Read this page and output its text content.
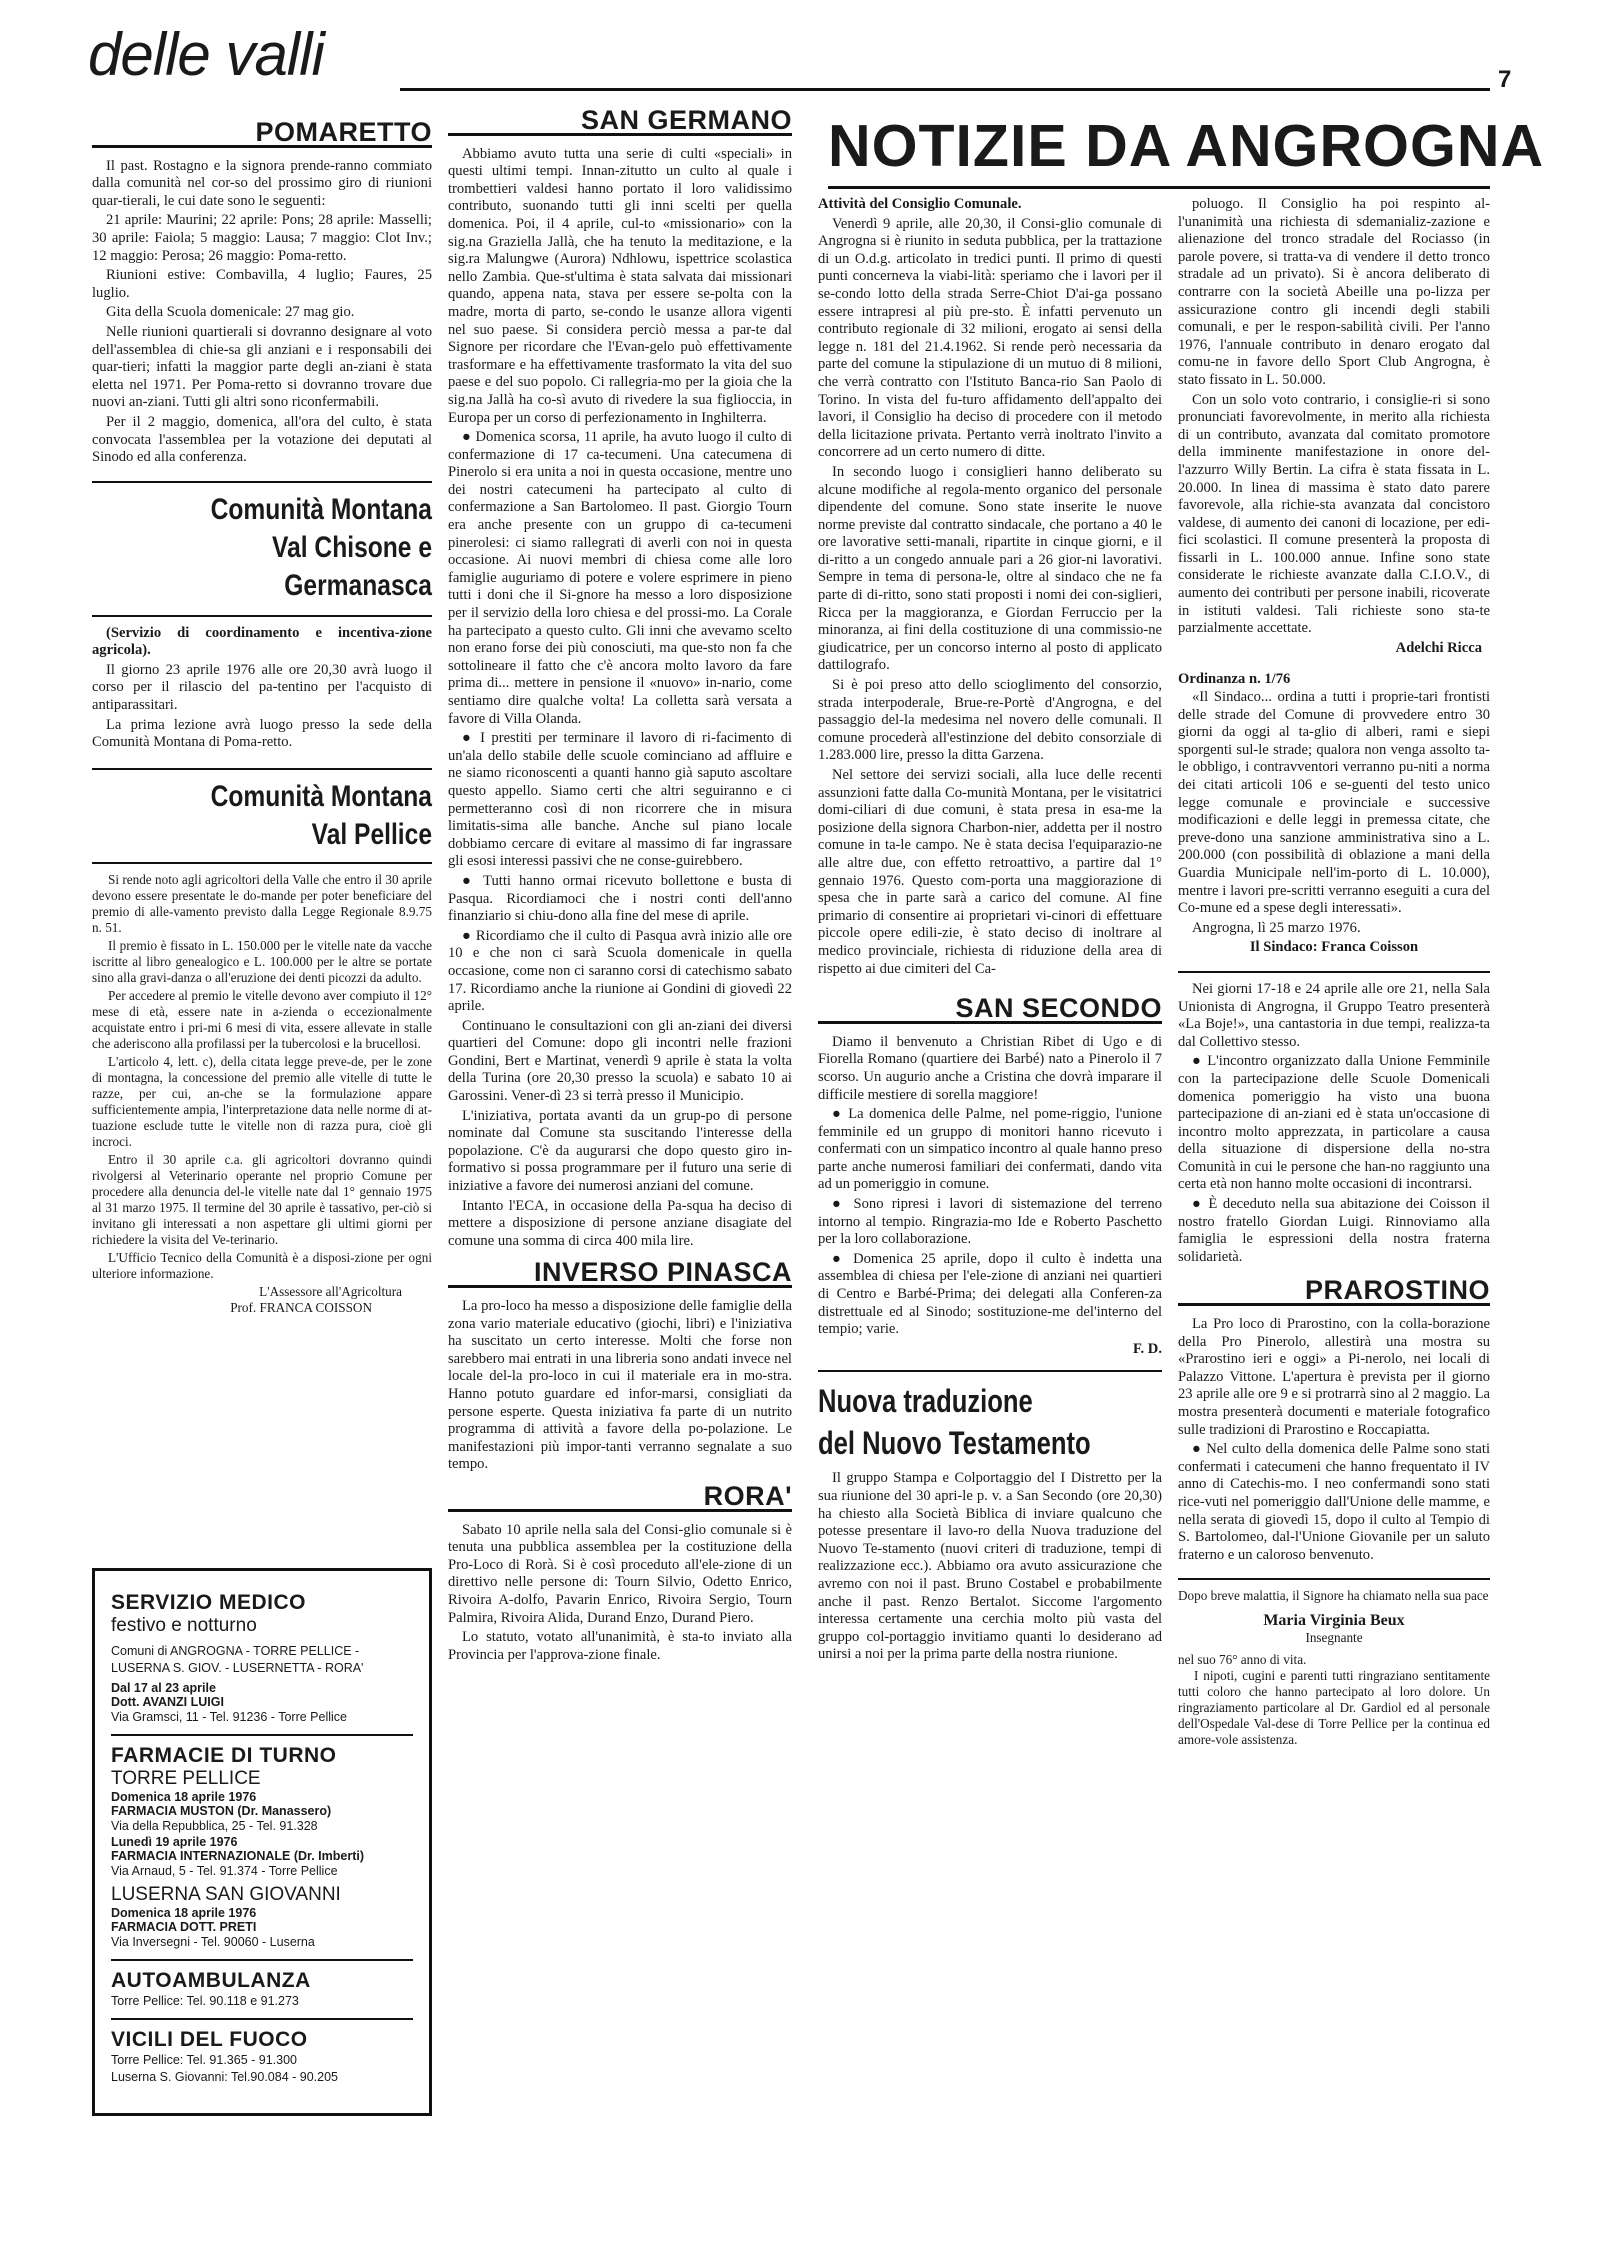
delle valli	7
POMARETTO

Il past. Rostagno e la signora prende-ranno commiato dalla comunità nel cor-so del prossimo giro di riunioni quar-tierali, le cui date sono le seguenti:

21 aprile: Maurini; 22 aprile: Pons; 28 aprile: Masselli; 30 aprile: Faiola; 5 maggio: Lausa; 7 maggio: Clot Inv.; 12 maggio: Perosa; 26 maggio: Poma-retto.

Riunioni estive: Combavilla, 4 luglio; Faures, 25 luglio.

Gita della Scuola domenicale: 27 mag gio.

Nelle riunioni quartierali si dovranno designare al voto dell'assemblea di chie-sa gli anziani e i responsabili dei quar-tieri; infatti la maggior parte degli an-ziani è stata eletta nel 1971. Per Poma-retto si dovranno trovare due nuovi an-ziani. Tutti gli altri sono riconfermabili.

Per il 2 maggio, domenica, all'ora del culto, è stata convocata l'assemblea per la votazione dei deputati al Sinodo ed alla conferenza.

Comunità Montana
Val Chisone e Germanasca

(Servizio di coordinamento e incentiva-zione agricola).

Il giorno 23 aprile 1976 alle ore 20,30 avrà luogo il corso per il rilascio del pa-tentino per l'acquisto di antiparassitari.

La prima lezione avrà luogo presso la sede della Comunità Montana di Poma-retto.

Comunità Montana
Val Pellice

Si rende noto agli agricoltori della Valle che entro il 30 aprile devono essere presentate le do-mande per poter beneficiare del premio di alle-vamento previsto dalla Legge Regionale 8.9.75 n. 51.

Il premio è fissato in L. 150.000 per le vitelle nate da vacche iscritte al libro genealogico e L. 100.000 per le altre se portate sino alla gravi-danza o all'eruzione dei denti picozzi da adulto.

Per accedere al premio le vitelle devono aver compiuto il 12° mese di età, essere nate in a-zienda o eccezionalmente acquistate entro i pri-mi 6 mesi di vita, essere allevate in stalle che aderiscono alla profilassi per la tubercolosi e la brucellosi.

L'articolo 4, lett. c), della citata legge preve-de, per le zone di montagna, la concessione del premio alle vitelle di tutte le razze, per cui, an-che se la formulazione appare sufficientemente ampia, l'interpretazione data nelle norme di at-tuazione esclude tutte le vitelle non di razza pura, cioè gli incroci.

Entro il 30 aprile c.a. gli agricoltori dovranno quindi rivolgersi al Veterinario operante nel proprio Comune per procedere alla denuncia del-le vitelle nate dal 1° gennaio 1975 al 31 marzo 1975. Il termine del 30 aprile è tassativo, per-ciò si invitano gli interessati a non aspettare gli ultimi giorni per richiedere la visita del Ve-terinario.

L'Ufficio Tecnico della Comunità è a disposi-zione per ogni ulteriore informazione.

L'Assessore all'Agricoltura
Prof. FRANCA COISSON
SERVIZIO MEDICO
festivo e notturno
Comuni di ANGROGNA - TORRE PELLICE - LUSERNA S. GIOV. - LUSERNETTA - RORA'
Dal 17 al 23 aprile
Dott. AVANZI LUIGI
Via Gramsci, 11 - Tel. 91236 - Torre Pellice
FARMACIE DI TURNO
TORRE PELLICE
Domenica 18 aprile 1976
FARMACIA MUSTON (Dr. Manassero)
Via della Repubblica, 25 - Tel. 91.328
Lunedì 19 aprile 1976
FARMACIA INTERNAZIONALE (Dr. Imberti)
Via Arnaud, 5 - Tel. 91.374 - Torre Pellice
LUSERNA SAN GIOVANNI
Domenica 18 aprile 1976
FARMACIA DOTT. PRETI
Via Inversegni - Tel. 90060 - Luserna
AUTOAMBULANZA
Torre Pellice: Tel. 90.118 e 91.273
VICILI DEL FUOCO
Torre Pellice: Tel. 91.365 - 91.300
Luserna S. Giovanni: Tel.90.084 - 90.205
SAN GERMANO

Abbiamo avuto tutta una serie di culti «speciali» in questi ultimi tempi. Innan-zitutto un culto al quale i trombettieri valdesi hanno portato il loro validissimo contributo, suonando tutti gli inni scelti per quella domenica. Poi, il 4 aprile, cul-to «missionario» con la sig.na Graziella Jallà, che ha tenuto la meditazione, e la sig.ra Malungwe (Aurora) Ndhlowu, ispettrice scolastica nello Zambia. Que-st'ultima è stata salvata dai missionari quando, appena nata, stava per essere se-polta con la madre, morta di parto, se-condo le usanze allora vigenti nel suo paese. Si considera perciò messa a par-te dal Signore per ricordare che l'Evan-gelo può effettivamente trasformare e ha effettivamente trasformato la vita del suo paese e del suo popolo. Ci rallegria-mo per la gioia che la sig.na Jallà ha co-sì avuto di rivedere la sua figlioccia, in Europa per un corso di perfezionamento in Inghilterra.

● Domenica scorsa, 11 aprile, ha avuto luogo il culto di confermazione di 17 ca-tecumeni. Una catecumena di Pinerolo si era unita a noi in questa occasione, mentre uno dei nostri catecumeni ha partecipato al culto di confermazione a San Bartolomeo. Il past. Giorgio Tourn era anche presente con un gruppo di ca-tecumeni pinerolesi: ci siamo rallegrati di averli con noi in questa occasione. Ai nuovi membri di chiesa come alle loro famiglie auguriamo di potere e volere esprimere in pieno tutti i doni che il Si-gnore ha messo a loro disposizione per il servizio della loro chiesa e del prossi-mo. La Corale ha partecipato a questo culto. Gli inni che avevamo scelto non erano forse dei più conosciuti, ma que-sto non fa che sottolineare il fatto che c'è ancora molto lavoro da fare prima di... mettere in pensione il «nuovo» in-nario, come sentiamo dire qualche volta! La colletta sarà versata a favore di Villa Olanda.

● I prestiti per terminare il lavoro di ri-facimento di un'ala dello stabile delle scuole cominciano ad affluire e ne siamo riconoscenti a quanti hanno già saputo ascoltare questo appello. Siamo certi che altri seguiranno e ci permetteranno così di non ricorrere che in misura limitatis-sima alle banche. Anche sul piano locale dobbiamo cercare di evitare al massimo di far ingrassare gli esosi interessi passivi che ne conse-guirebbero.

● Tutti hanno ormai ricevuto bollettone e busta di Pasqua. Ricordiamoci che i nostri conti dell'anno finanziario si chiu-dono alla fine del mese di aprile.

● Ricordiamo che il culto di Pasqua avrà inizio alle ore 10 e che non ci sarà Scuola domenicale in quella occasione, come non ci saranno corsi di catechismo sabato 17. Ricordiamo anche la riunione ai Gondini di giovedì 22 aprile.

Continuano le consultazioni con gli an-ziani dei diversi quartieri del Comune: dopo gli incontri nelle frazioni Gondini, Bert e Martinat, venerdì 9 aprile è stata la volta della Turina (ore 20,30 presso la scuola) e sabato 10 ai Garossini. Vener-dì 23 si terrà presso il Municipio.

L'iniziativa, portata avanti da un grup-po di persone nominate dal Comune sta suscitando l'interesse della popolazione. C'è da augurarsi che dopo questo giro in-formativo si possa programmare per il futuro una serie di iniziative a favore dei numerosi anziani del comune.

Intanto l'ECA, in occasione della Pa-squa ha deciso di mettere a disposizione di persone anziane disagiate del comune una somma di circa 400 mila lire.

INVERSO PINASCA

La pro-loco ha messo a disposizione delle famiglie della zona vario materiale educativo (giochi, libri) e l'iniziativa ha suscitato un certo interesse. Molti che forse non sarebbero mai entrati in una libreria sono andati invece nel locale del-la pro-loco in cui il materiale era in mo-stra. Hanno potuto guardare ed infor-marsi, consigliati da persone esperte. Questa iniziativa fa parte di un nutrito programma di attività a favore della po-polazione. Le manifestazioni più impor-tanti verranno segnalate a suo tempo.

RORA'

Sabato 10 aprile nella sala del Consi-glio comunale si è tenuta una pubblica assemblea per la costituzione della Pro-Loco di Rorà. Si è così proceduto all'ele-zione di un direttivo nelle persone di: Tourn Silvio, Odetto Enrico, Rivoira A-dolfo, Pavarin Enrico, Rivoira Sergio, Tourn Palmira, Rivoira Alida, Durand Enzo, Durand Piero.

Lo statuto, votato all'unanimità, è sta-to inviato alla Provincia per l'approva-zione finale.

NOTIZIE DA ANGROGNA

Attività del Consiglio Comunale.

Venerdì 9 aprile, alle 20,30, il Consi-glio comunale di Angrogna si è riunito in seduta pubblica, per la trattazione di un O.d.g. articolato in tredici punti. Il primo di questi punti concerneva la viabi-lità: speriamo che i lavori per il se-condo lotto della strada Serre-Chiot D'ai-ga possano essere intrapresi al più pre-sto. È infatti pervenuto un contributo regionale di 32 milioni, erogato ai sensi della legge n. 181 del 21.4.1962. Si rende però necessaria da parte del comune la stipulazione di un mutuo di 8 milioni, che verrà contratto con l'Istituto Banca-rio San Paolo di Torino. In vista del fu-turo affidamento dell'appalto dei lavori, il Consiglio ha deciso di procedere con il metodo della licitazione privata. Pertanto verrà inoltrato l'invito a concorrere ad un certo numero di ditte.

In secondo luogo i consiglieri hanno deliberato su alcune modifiche al regola-mento organico del personale dipendente del comune. Sono state inserite le nuove norme previste dal contratto sindacale, che portano a 40 le ore lavorative setti-manali, ripartite in cinque giorni, e il di-ritto a un congedo annuale pari a 26 gior-ni lavorativi. Sempre in tema di persona-le, oltre al sindaco che ne fa parte di di-ritto, sono stati proposti i nomi dei con-siglieri, Ricca per la maggioranza, e Giordan Ferruccio per la minoranza, ai fini della costituzione di una commissio-ne giudicatrice, per un concorso interno al posto di applicato dattilografo.

Si è poi preso atto dello scioglimento del consorzio, strada interpoderale, Brue-re-Portè d'Angrogna, e del passaggio del-la medesima nel novero delle comunali. Il comune procederà all'estinzione del debito consorziale di 1.283.000 lire, presso la ditta Garzena.

Nel settore dei servizi sociali, alla luce delle recenti assunzioni fatte dalla Co-munità Montana, per le visitatrici domi-ciliari di due comuni, è stata presa in esa-me la posizione della signora Charbon-nier, addetta per il nostro comune in ta-le campo. Ne è stata decisa l'equiparazio-ne alle altre due, con effetto retroattivo, a partire dal 1° gennaio 1976. Questo com-porta una maggiorazione di spesa che in parte sarà a carico del comune. Al fine primario di consentire ai proprietari vi-cinori di effettuare piccole opere edili-zie, è stato deciso di inoltrare al medico provinciale, richiesta di riduzione della area di rispetto ai due cimiteri del Ca-

SAN SECONDO

Diamo il benvenuto a Christian Ribet di Ugo e di Fiorella Romano (quartiere dei Barbé) nato a Pinerolo il 7 scorso. Un augurio anche a Cristina che dovrà imparare il difficile mestiere di sorella maggiore!

● La domenica delle Palme, nel pome-riggio, l'unione femminile ed un gruppo di monitori hanno ricevuto i confermati con un simpatico incontro al quale hanno preso parte anche numerosi familiari dei confermati, dando vita ad un pomeriggio in comune.

● Sono ripresi i lavori di sistemazione del terreno intorno al tempio. Ringrazia-mo Ide e Roberto Paschetto per la loro collaborazione.

● Domenica 25 aprile, dopo il culto è indetta una assemblea di chiesa per l'ele-zione di anziani nei quartieri di Centro e Barbé-Prima; dei delegati alla Conferen-za distrettuale ed al Sinodo; sostituzione-me del'interno del tempio; varie.

F. D.
Nuova traduzione
del Nuovo Testamento

Il gruppo Stampa e Colportaggio del I Distretto per la sua riunione del 30 apri-le p. v. a San Secondo (ore 20,30) ha chiesto alla Società Biblica di inviare qualcuno che potesse presentare il lavo-ro della Nuova traduzione del Nuovo Te-stamento (nuovi criteri di traduzione, tempi di realizzazione ecc.). Abbiamo ora avuto assicurazione che avremo con noi il past. Bruno Costabel e probabilmente anche il past. Renzo Bertalot. Siccome l'argomento interessa certamente una cerchia molto più vasta del gruppo col-portaggio invitiamo quanti lo desiderano ad unirsi a noi per la prima parte della nostra riunione.

poluogo. Il Consiglio ha poi respinto al-l'unanimità una richiesta di sdemanializ-zazione e alienazione del tronco stradale del Rociasso (in parole povere, si tratta-va di vendere il detto tronco stradale ad un privato). Si è ancora deliberato di contrarre con la società Abeille una po-lizza per assicurazione contro gli incendi degli stabili comunali, e per le respon-sabilità civili. Per l'anno 1976, l'annuale contributo in denaro erogato dal comu-ne in favore dello Sport Club Angrogna, è stato fissato in L. 50.000.

Con un solo voto contrario, i consiglie-ri si sono pronunciati favorevolmente, in merito alla richiesta di un contributo, avanzata dal comitato promotore della imminente manifestazione in onore del-l'azzurro Willy Bertin. La cifra è stata fissata in L. 20.000. In linea di massima è stato dato parere favorevole, alla richie-sta avanzata dal concistoro valdese, di aumento dei canoni di locazione, per edi-fici scolastici. Il comune presenterà la proposta di fissarli in L. 100.000 annue. Infine sono state considerate le richieste avanzate dalla C.I.O.V., di aumento dei contributi per persone inabili, ricoverate in istituti valdesi. Tali richieste sono sta-te parzialmente accettate.

Adelchi Ricca
Ordinanza n. 1/76

«Il Sindaco... ordina a tutti i proprie-tari frontisti delle strade del Comune di provvedere entro 30 giorni da oggi al ta-glio di alberi, rami e siepi sporgenti sul-le strade; qualora non venga assolto ta-le obbligo, i contravventori verranno pu-niti a norma dei citati articoli 106 e se-guenti del testo unico legge comunale e provinciale e successive modificazioni e delle leggi in premessa citate, che preve-dono una sanzione amministrativa sino a L. 200.000 (con possibilità di oblazione a mani della Guardia Municipale nell'im-porto di L. 10.000), mentre i lavori pre-scritti verranno eseguiti a cura del Co-mune ed a spese degli interessati».

Angrogna, lì 25 marzo 1976.

Il Sindaco: Franca Coisson

Nei giorni 17-18 e 24 aprile alle ore 21, nella Sala Unionista di Angrogna, il Gruppo Teatro presenterà «La Boje!», una cantastoria in due tempi, realizza-ta dal Collettivo stesso.

● L'incontro organizzato dalla Unione Femminile con la partecipazione delle Scuole Domenicali domenica pomeriggio ha visto una buona partecipazione di an-ziani ed è stata un'occasione di incontro molto apprezzata, in particolare a causa della situazione di dispersione della no-stra Comunità in cui le persone che han-no raggiunto una certa età non hanno molte occasioni di incontrarsi.

● È deceduto nella sua abitazione dei Coisson il nostro fratello Giordan Luigi. Rinnoviamo alla famiglia le espressioni della nostra fraterna solidarietà.

PRAROSTINO

La Pro loco di Prarostino, con la colla-borazione della Pro Pinerolo, allestirà una mostra su «Prarostino ieri e oggi» a Pi-nerolo, nei locali di Palazzo Vittone. L'apertura è prevista per il giorno 23 aprile alle ore 9 e si protrarrà sino al 2 maggio. La mostra presenterà documenti e materiale fotografico sulle tradizioni di Prarostino e Roccapiatta.

● Nel culto della domenica delle Palme sono stati confermati i catecumeni che hanno frequentato il IV anno di Catechis-mo. I neo confermandi sono stati rice-vuti nel pomeriggio dall'Unione delle mamme, e nella serata di giovedì 15, dopo il culto al Tempio di S. Bartolomeo, dal-l'Unione Giovanile per un saluto fraterno e un caloroso benvenuto.

Dopo breve malattia, il Signore ha chiamato nella sua pace
Maria Virginia Beux
Insegnante
nel suo 76° anno di vita.
I nipoti, cugini e parenti tutti ringraziano sentitamente tutti coloro che hanno partecipato al loro dolore. Un ringraziamento particolare al Dr. Gardiol ed al personale dell'Ospedale Val-dese di Torre Pellice per la continua ed amore-vole assistenza.
